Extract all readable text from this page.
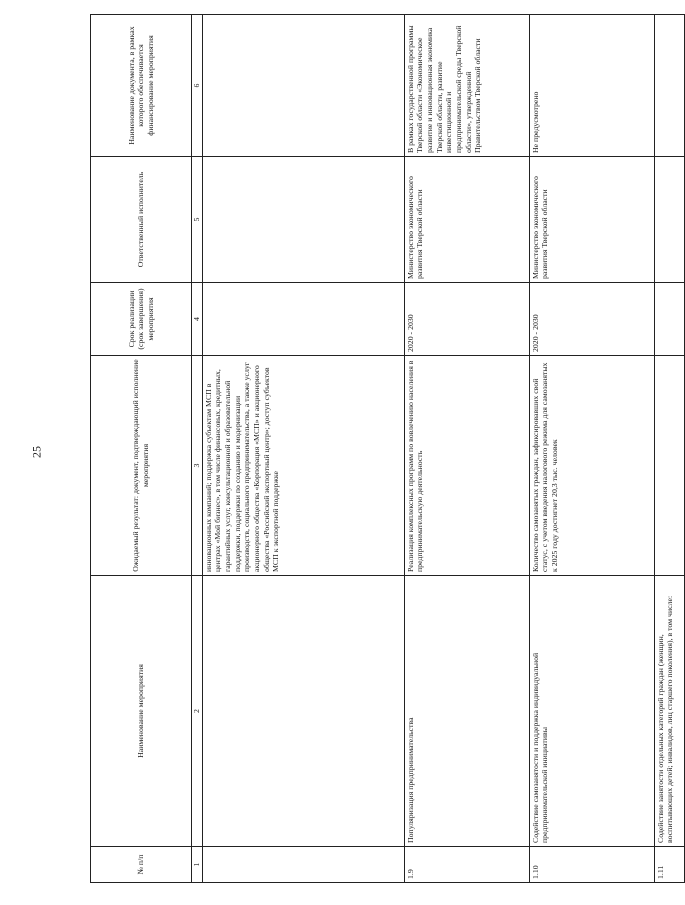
25
№ п/п	Наименование мероприятия	Ожидаемый результат: документ, подтверждающий исполнение мероприятия	Срок реализации (срок завершения) мероприятия	Ответственный исполнитель	Наименование документа, в рамках которого обеспечивается финансирование мероприятия
1	2	3	4	5	6
		инновационных компаний; поддержка субъектам МСП в центрах «Мой бизнес», в том числе финансовых, кредитных, гарантийных услуг, консультационной и образовательной поддержки, поддержки по созданию и модернизации производств, социального предпринимательства, а также услуг акционерного общества «Корпорация «МСП» и акционерного общества «Российский экспортный центр»; доступ субъектов МСП к экспортной поддержке			
1.9	Популяризация предпринимательства	Реализация комплексных программ по вовлечению населения в предпринимательскую деятельность	2020 - 2030	Министерство экономического развития Тверской области	В рамках государственной программы Тверской области «Экономическое развитие и инновационная экономика Тверской области, развитие инвестиционной и предпринимательской среды Тверской области», утвержденной Правительством Тверской области
1.10	Содействие самозанятости и поддержка индивидуальной предпринимательской инициативы	Количество самозанятых граждан, зафиксировавших свой статус, с учетом введения налогового режима для самозанятых к 2025 году достигнет 20,3 тыс. человек	2020 - 2030	Министерство экономического развития Тверской области	Не предусмотрено
1.11	Содействие занятости отдельных категорий граждан (женщин, воспитывающих детей; инвалидов, лиц старшего поколения), в том числе:				
